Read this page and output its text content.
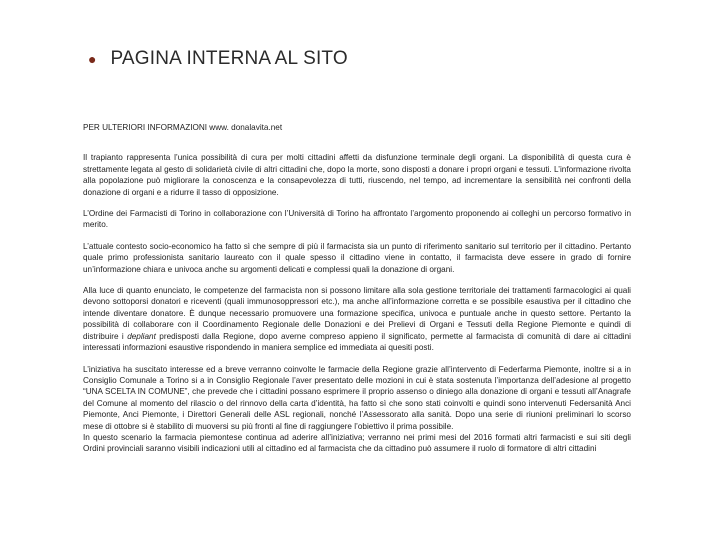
● PAGINA INTERNA AL SITO

PER ULTERIORI INFORMAZIONI www. donalavita.net

Il trapianto rappresenta l’unica possibilità di cura per molti cittadini affetti da disfunzione terminale degli organi. La disponibilità di questa cura è strettamente legata al gesto di solidarietà civile di altri cittadini che, dopo la morte, sono disposti a donare i propri organi e tessuti. L’informazione rivolta alla popolazione può migliorare la conoscenza e la consapevolezza di tutti, riuscendo, nel tempo, ad incrementare la sensibilità nei confronti della donazione di organi e a ridurre il tasso di opposizione.

L’Ordine dei Farmacisti di Torino in collaborazione con l’Università di Torino ha affrontato l’argomento proponendo ai colleghi un percorso formativo in merito.

L’attuale contesto socio-economico ha fatto sì che sempre di più il farmacista sia un punto di riferimento sanitario sul territorio per il cittadino. Pertanto quale primo professionista sanitario laureato con il quale spesso il cittadino viene in contatto, il farmacista deve essere in grado di fornire un’informazione chiara e univoca anche su argomenti delicati e complessi quali la donazione di organi.

Alla luce di quanto enunciato, le competenze del farmacista non si possono limitare alla sola gestione territoriale dei trattamenti farmacologici ai quali devono sottoporsi donatori e riceventi (quali immunosoppressori etc.), ma anche all’informazione corretta e se possibile esaustiva per il cittadino che intende diventare donatore. È dunque necessario promuovere una formazione specifica, univoca e puntuale anche in questo settore. Pertanto la possibilità di collaborare con il Coordinamento Regionale delle Donazioni e dei Prelievi di Organi e Tessuti della Regione Piemonte e quindi di distribuire i depliant predisposti dalla Regione, dopo averne compreso appieno il significato, permette al farmacista di comunità di dare ai cittadini interessati informazioni esaustive rispondendo in maniera semplice ed immediata ai quesiti posti.

L’iniziativa ha suscitato interesse ed a breve verranno coinvolte le farmacie della Regione grazie all’intervento di Federfarma Piemonte, inoltre si a in Consiglio Comunale a Torino si a in Consiglio Regionale l’aver presentato delle mozioni in cui è stata sostenuta l’importanza dell’adesione al progetto “UNA SCELTA IN COMUNE”, che prevede che i cittadini possano esprimere il proprio assenso o diniego alla donazione di organi e tessuti all’Anagrafe del Comune al momento del rilascio o del rinnovo della carta d’identità, ha fatto sì che sono stati coinvolti e quindi sono intervenuti Federsanità Anci Piemonte, Anci Piemonte, i Direttori Generali delle ASL regionali, nonché l’Assessorato alla sanità. Dopo una serie di riunioni preliminari lo scorso mese di ottobre si è stabilito di muoversi su più fronti al fine di raggiungere l’obiettivo il prima possibile.

In questo scenario la farmacia piemontese continua ad aderire all’iniziativa; verranno nei primi mesi del 2016 formati altri farmacisti e sui siti degli Ordini provinciali saranno visibili indicazioni utili al cittadino ed al farmacista che da cittadino può assumere il ruolo di formatore di altri cittadini
